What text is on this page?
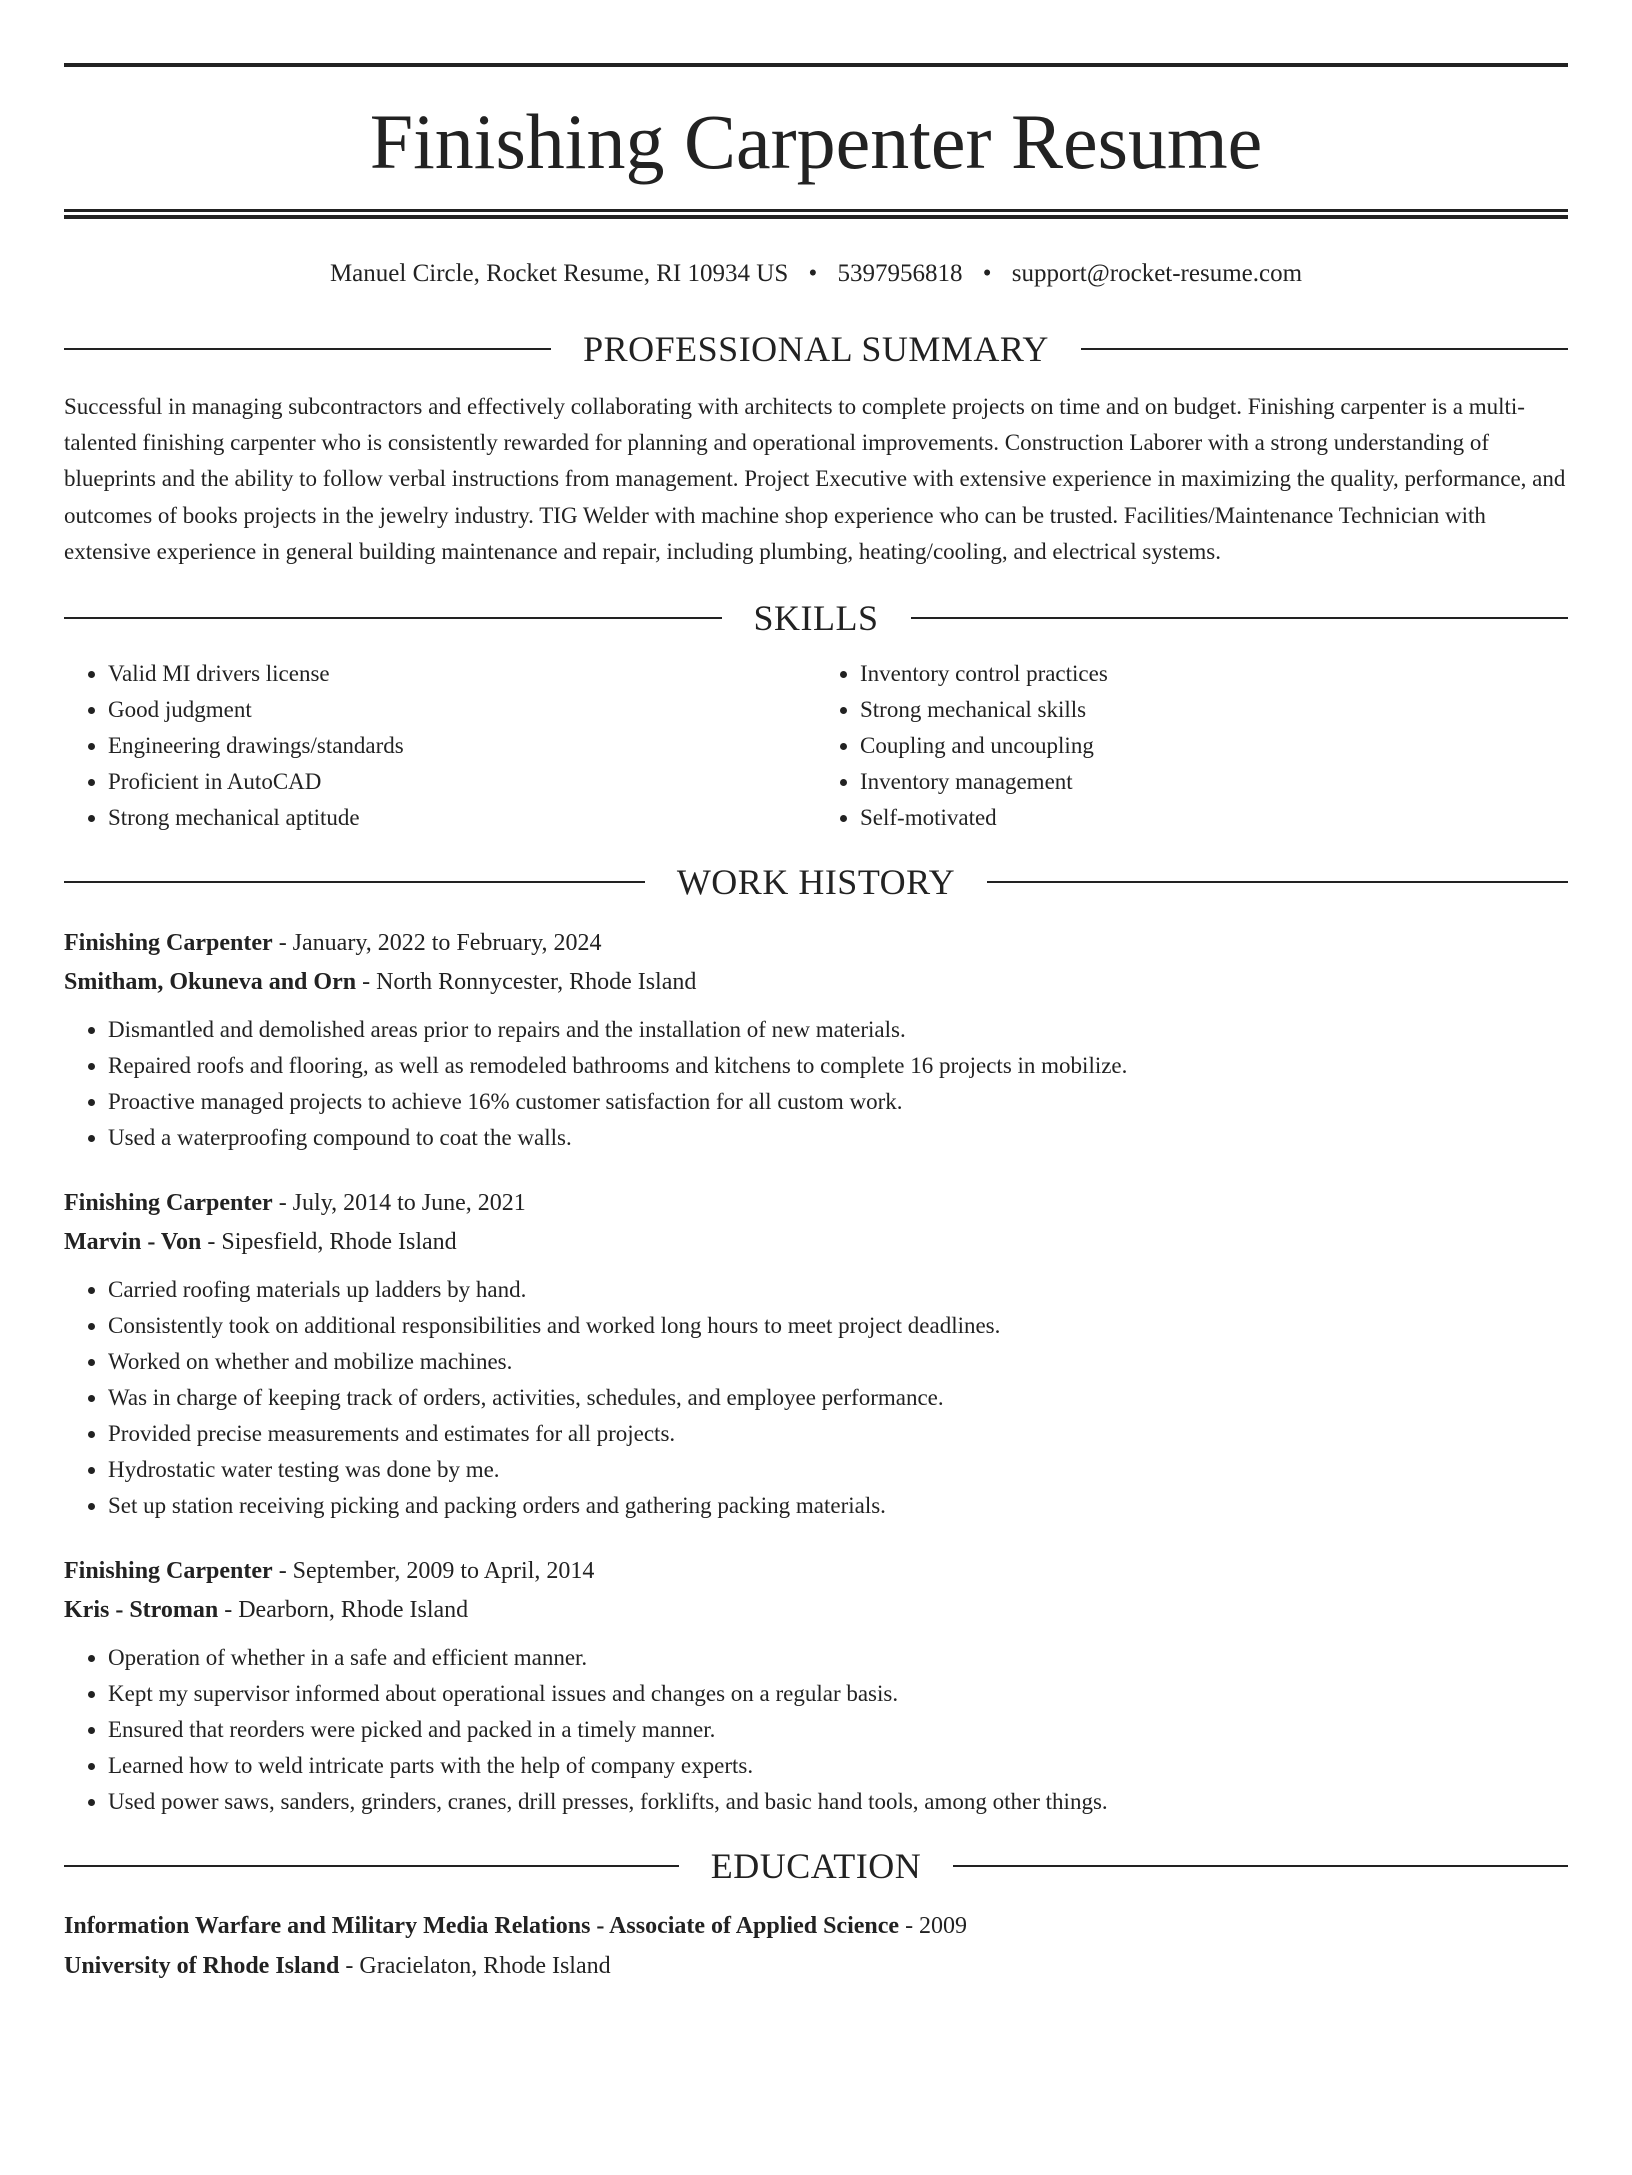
Finishing Carpenter Resume
Manuel Circle, Rocket Resume, RI 10934 US • 5397956818 • support@rocket-resume.com
PROFESSIONAL SUMMARY

Successful in managing subcontractors and effectively collaborating with architects to complete projects on time and on budget. Finishing carpenter is a multi-talented finishing carpenter who is consistently rewarded for planning and operational improvements. Construction Laborer with a strong understanding of blueprints and the ability to follow verbal instructions from management. Project Executive with extensive experience in maximizing the quality, performance, and outcomes of books projects in the jewelry industry. TIG Welder with machine shop experience who can be trusted. Facilities/Maintenance Technician with extensive experience in general building maintenance and repair, including plumbing, heating/cooling, and electrical systems.

SKILLS
• Valid MI drivers license
• Good judgment
• Engineering drawings/standards
• Proficient in AutoCAD
• Strong mechanical aptitude
• Inventory control practices
• Strong mechanical skills
• Coupling and uncoupling
• Inventory management
• Self-motivated
WORK HISTORY
Finishing Carpenter - January, 2022 to February, 2024
Smitham, Okuneva and Orn - North Ronnycester, Rhode Island
• Dismantled and demolished areas prior to repairs and the installation of new materials.
• Repaired roofs and flooring, as well as remodeled bathrooms and kitchens to complete 16 projects in mobilize.
• Proactive managed projects to achieve 16% customer satisfaction for all custom work.
• Used a waterproofing compound to coat the walls.
Finishing Carpenter - July, 2014 to June, 2021
Marvin - Von - Sipesfield, Rhode Island
• Carried roofing materials up ladders by hand.
• Consistently took on additional responsibilities and worked long hours to meet project deadlines.
• Worked on whether and mobilize machines.
• Was in charge of keeping track of orders, activities, schedules, and employee performance.
• Provided precise measurements and estimates for all projects.
• Hydrostatic water testing was done by me.
• Set up station receiving picking and packing orders and gathering packing materials.
Finishing Carpenter - September, 2009 to April, 2014
Kris - Stroman - Dearborn, Rhode Island
• Operation of whether in a safe and efficient manner.
• Kept my supervisor informed about operational issues and changes on a regular basis.
• Ensured that reorders were picked and packed in a timely manner.
• Learned how to weld intricate parts with the help of company experts.
• Used power saws, sanders, grinders, cranes, drill presses, forklifts, and basic hand tools, among other things.
EDUCATION
Information Warfare and Military Media Relations - Associate of Applied Science - 2009
University of Rhode Island - Gracielaton, Rhode Island
